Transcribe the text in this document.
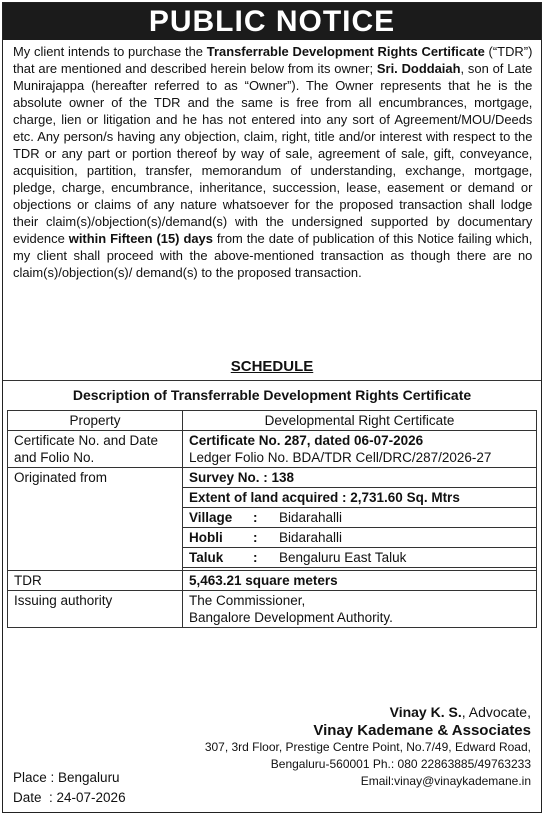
PUBLIC NOTICE
My client intends to purchase the Transferrable Development Rights Certificate (“TDR”) that are mentioned and described herein below from its owner; Sri. Doddaiah, son of Late Munirajappa (hereafter referred to as “Owner”). The Owner represents that he is the absolute owner of the TDR and the same is free from all encumbrances, mortgage, charge, lien or litigation and he has not entered into any sort of Agreement/MOU/Deeds etc. Any person/s having any objection, claim, right, title and/or interest with respect to the TDR or any part or portion thereof by way of sale, agreement of sale, gift, conveyance, acquisition, partition, transfer, memorandum of understanding, exchange, mortgage, pledge, charge, encumbrance, inheritance, succession, lease, easement or demand or objections or claims of any nature whatsoever for the proposed transaction shall lodge their claim(s)/objection(s)/demand(s) with the undersigned supported by documentary evidence within Fifteen (15) days from the date of publication of this Notice failing which, my client shall proceed with the above-mentioned transaction as though there are no claim(s)/objection(s)/ demand(s) to the proposed transaction.
SCHEDULE
Description of Transferrable Development Rights Certificate
Property	Developmental Right Certificate
Certificate No. and Date and Folio No.	Certificate No. 287, dated 06-07-2026
Ledger Folio No. BDA/TDR Cell/DRC/287/2026-27

Originated from	Survey No. : 138
	Extent of land acquired : 2,731.60 Sq. Mtrs
	Village : Bidarahalli
	Hobli : Bidarahalli
	Taluk : Bengaluru East Taluk

TDR	5,463.21 square meters
Issuing authority	The Commissioner,
Bangalore Development Authority.
Vinay K. S., Advocate,
Vinay Kademane & Associates
307, 3rd Floor, Prestige Centre Point, No.7/49, Edward Road,
Bengaluru-560001 Ph.: 080 22863885/49763233
Email:vinay@vinaykademane.in
Place : Bengaluru
Date  : 24-07-2026
